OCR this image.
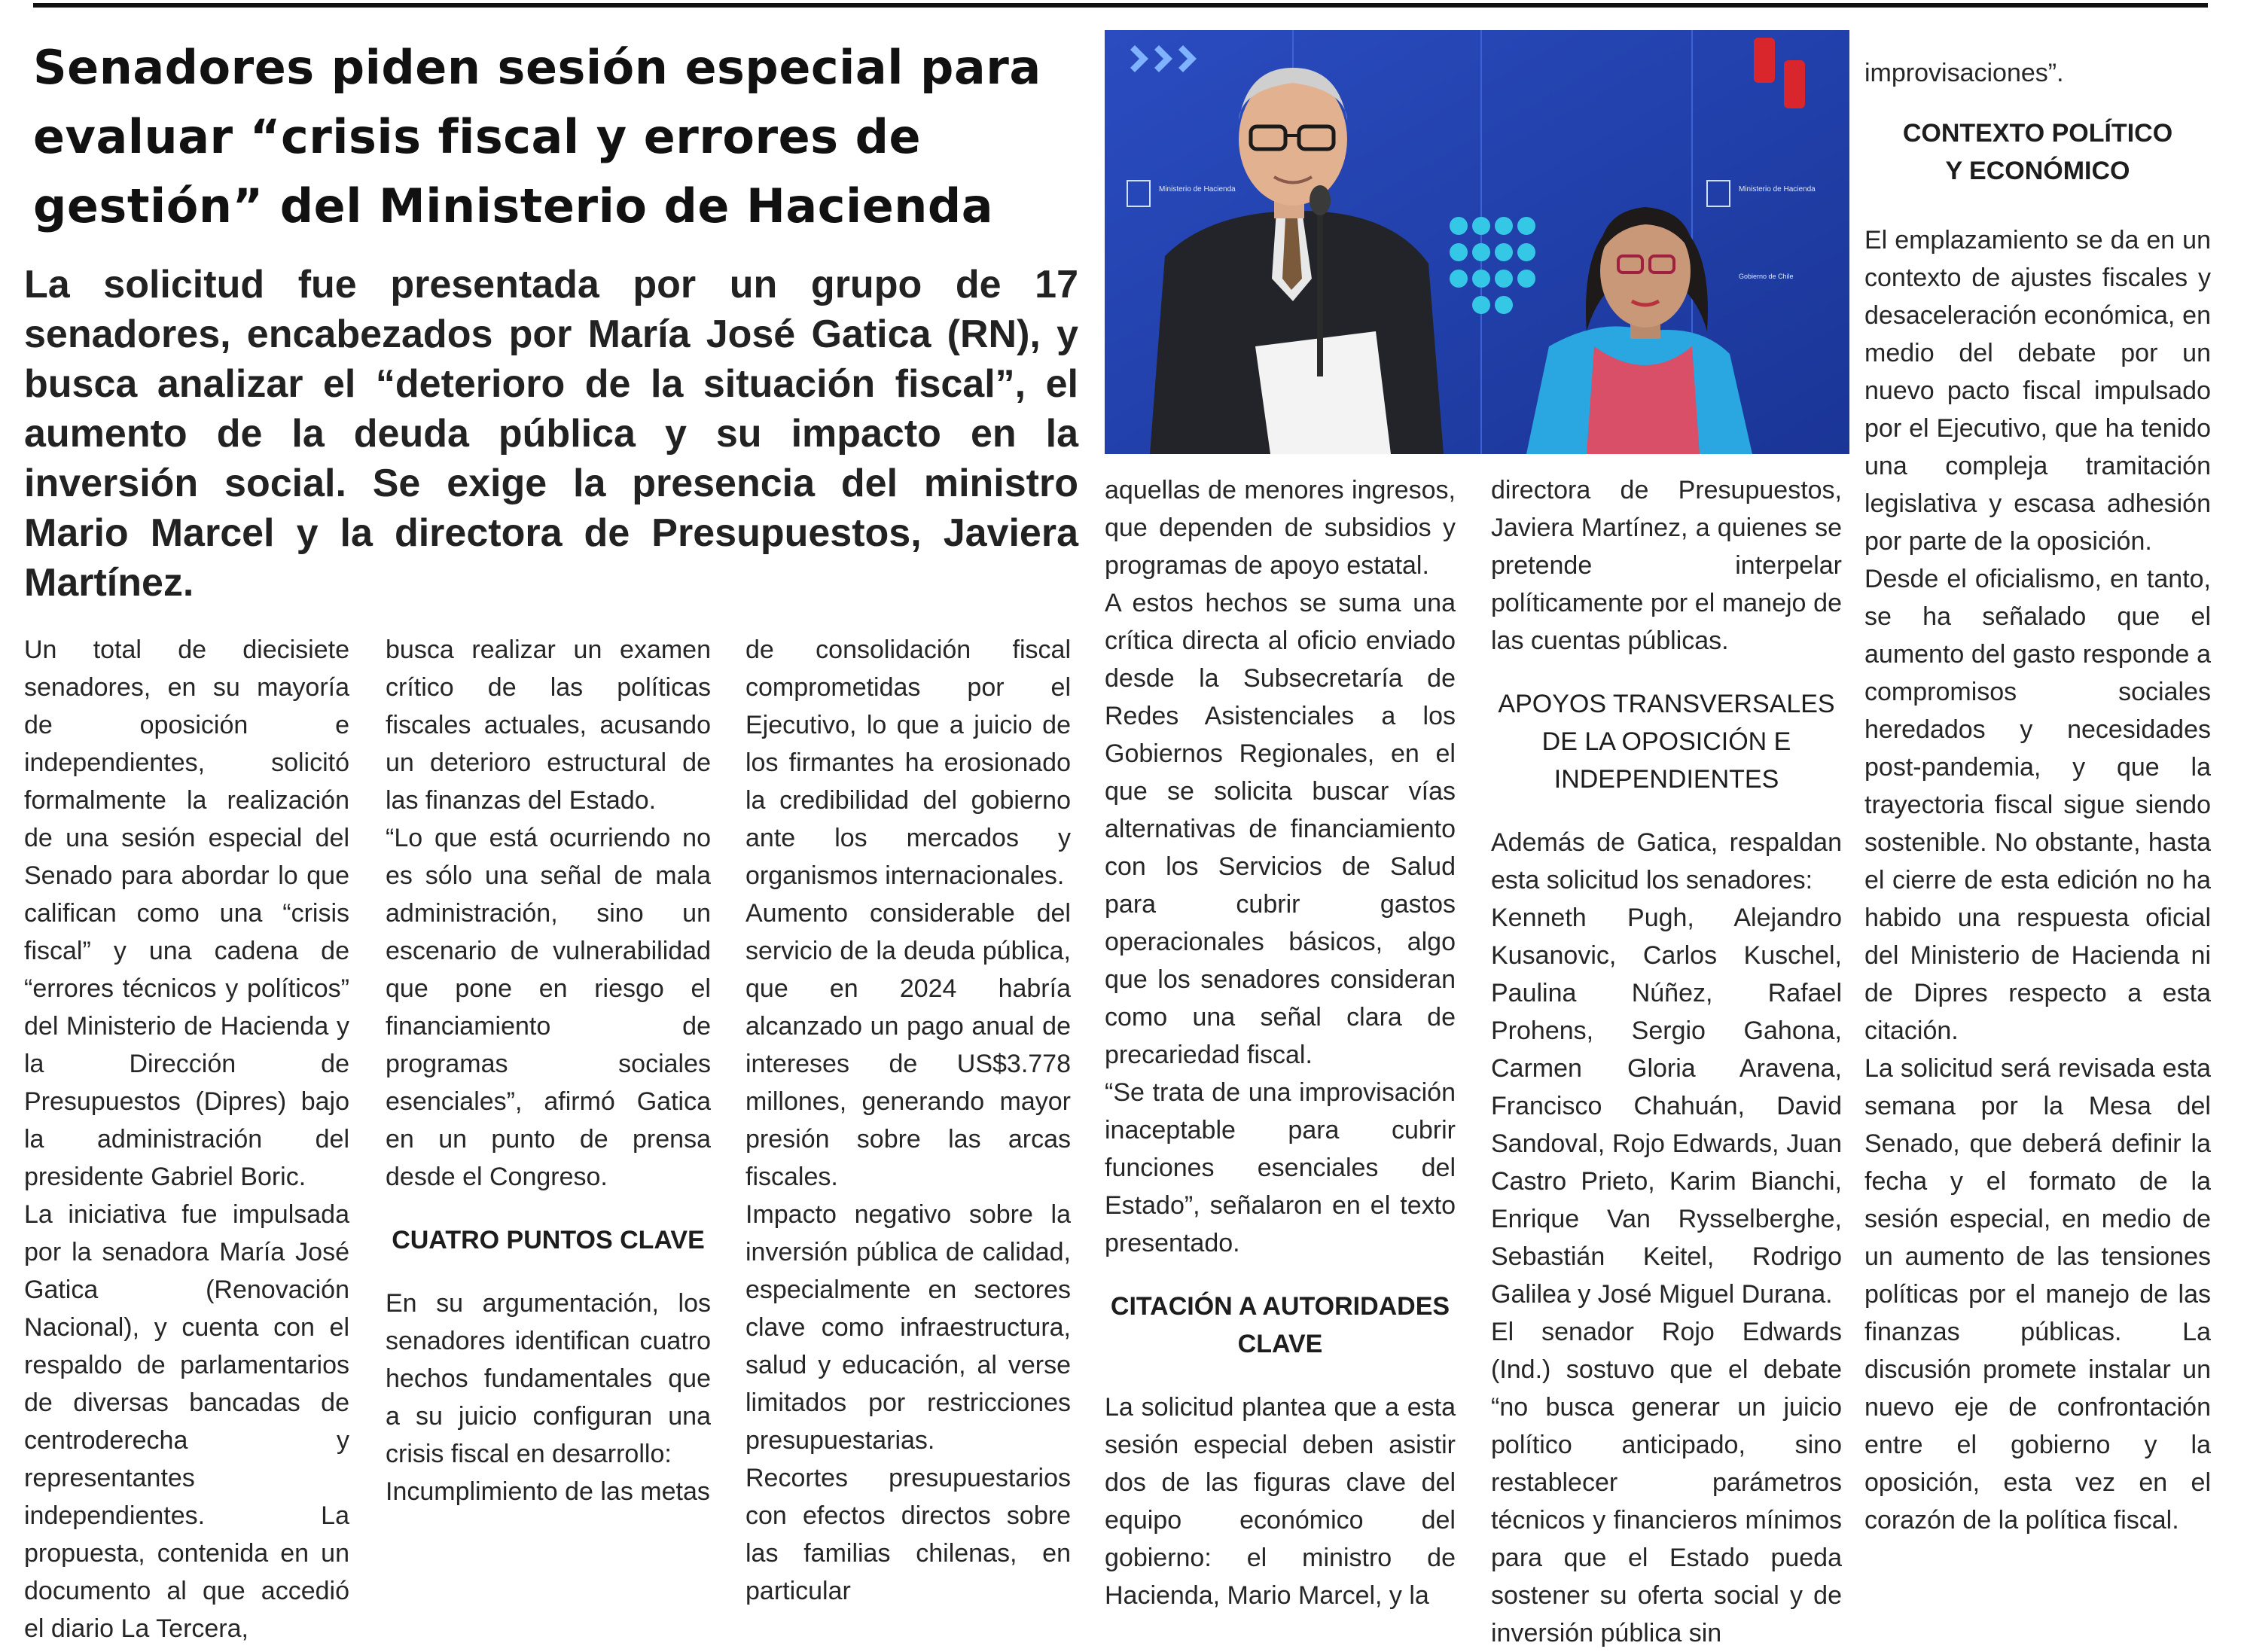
Senadores piden sesión especial para evaluar “crisis fiscal y errores de gestión” del Ministerio de Hacienda

La solicitud fue presentada por un grupo de 17 senadores, encabezados por María José Gatica (RN), y busca analizar el “deterioro de la situación fiscal”, el aumento de la deuda pública y su impacto en la inversión social. Se exige la presencia del ministro Mario Marcel y la directora de Presupuestos, Javiera Martínez.

Ministerio de Hacienda	Ministerio de Hacienda
Gobierno de Chile

Un total de diecisiete senadores, en su mayoría de oposición e independientes, solicitó formalmente la realización de una sesión especial del Senado para abordar lo que califican como una “crisis fiscal” y una cadena de “errores técnicos y políticos” del Ministerio de Hacienda y la Dirección de Presupuestos (Dipres) bajo la administración del presidente Gabriel Boric.

La iniciativa fue impulsada por la senadora María José Gatica (Renovación Nacional), y cuenta con el respaldo de parlamentarios de diversas bancadas de centroderecha y representantes independientes. La propuesta, contenida en un documento al que accedió el diario La Tercera,

busca realizar un examen crítico de las políticas fiscales actuales, acusando un deterioro estructural de las finanzas del Estado.

“Lo que está ocurriendo no es sólo una señal de mala administración, sino un escenario de vulnerabilidad que pone en riesgo el financiamiento de programas sociales esenciales”, afirmó Gatica en un punto de prensa desde el Congreso.

CUATRO PUNTOS CLAVE

En su argumentación, los senadores identifican cuatro hechos fundamentales que a su juicio configuran una crisis fiscal en desarrollo:

Incumplimiento de las metas

de consolidación fiscal comprometidas por el Ejecutivo, lo que a juicio de los firmantes ha erosionado la credibilidad del gobierno ante los mercados y organismos internacionales.

Aumento considerable del servicio de la deuda pública, que en 2024 habría alcanzado un pago anual de intereses de US$3.778 millones, generando mayor presión sobre las arcas fiscales.

Impacto negativo sobre la inversión pública de calidad, especialmente en sectores clave como infraestructura, salud y educación, al verse limitados por restricciones presupuestarias.

Recortes presupuestarios con efectos directos sobre las familias chilenas, en particular

aquellas de menores ingresos, que dependen de subsidios y programas de apoyo estatal.

A estos hechos se suma una crítica directa al oficio enviado desde la Subsecretaría de Redes Asistenciales a los Gobiernos Regionales, en el que se solicita buscar vías alternativas de financiamiento con los Servicios de Salud para cubrir gastos operacionales básicos, algo que los senadores consideran como una señal clara de precariedad fiscal.

“Se trata de una improvisación inaceptable para cubrir funciones esenciales del Estado”, señalaron en el texto presentado.

CITACIÓN A AUTORIDADES CLAVE

La solicitud plantea que a esta sesión especial deben asistir dos de las figuras clave del equipo económico del gobierno: el ministro de Hacienda, Mario Marcel, y la

directora de Presupuestos, Javiera Martínez, a quienes se pretende interpelar políticamente por el manejo de las cuentas públicas.

APOYOS TRANSVERSALES DE LA OPOSICIÓN E INDEPENDIENTES

Además de Gatica, respaldan esta solicitud los senadores:

Kenneth Pugh, Alejandro Kusanovic, Carlos Kuschel, Paulina Núñez, Rafael Prohens, Sergio Gahona, Carmen Gloria Aravena, Francisco Chahuán, David Sandoval, Rojo Edwards, Juan Castro Prieto, Karim Bianchi, Enrique Van Rysselberghe, Sebastián Keitel, Rodrigo Galilea y José Miguel Durana.

El senador Rojo Edwards (Ind.) sostuvo que el debate “no busca generar un juicio político anticipado, sino restablecer parámetros técnicos y financieros mínimos para que el Estado pueda sostener su oferta social y de inversión pública sin

improvisaciones”.

CONTEXTO POLÍTICO Y ECONÓMICO

El emplazamiento se da en un contexto de ajustes fiscales y desaceleración económica, en medio del debate por un nuevo pacto fiscal impulsado por el Ejecutivo, que ha tenido una compleja tramitación legislativa y escasa adhesión por parte de la oposición.

Desde el oficialismo, en tanto, se ha señalado que el aumento del gasto responde a compromisos sociales heredados y necesidades post-pandemia, y que la trayectoria fiscal sigue siendo sostenible. No obstante, hasta el cierre de esta edición no ha habido una respuesta oficial del Ministerio de Hacienda ni de Dipres respecto a esta citación.

La solicitud será revisada esta semana por la Mesa del Senado, que deberá definir la fecha y el formato de la sesión especial, en medio de un aumento de las tensiones políticas por el manejo de las finanzas públicas. La discusión promete instalar un nuevo eje de confrontación entre el gobierno y la oposición, esta vez en el corazón de la política fiscal.
